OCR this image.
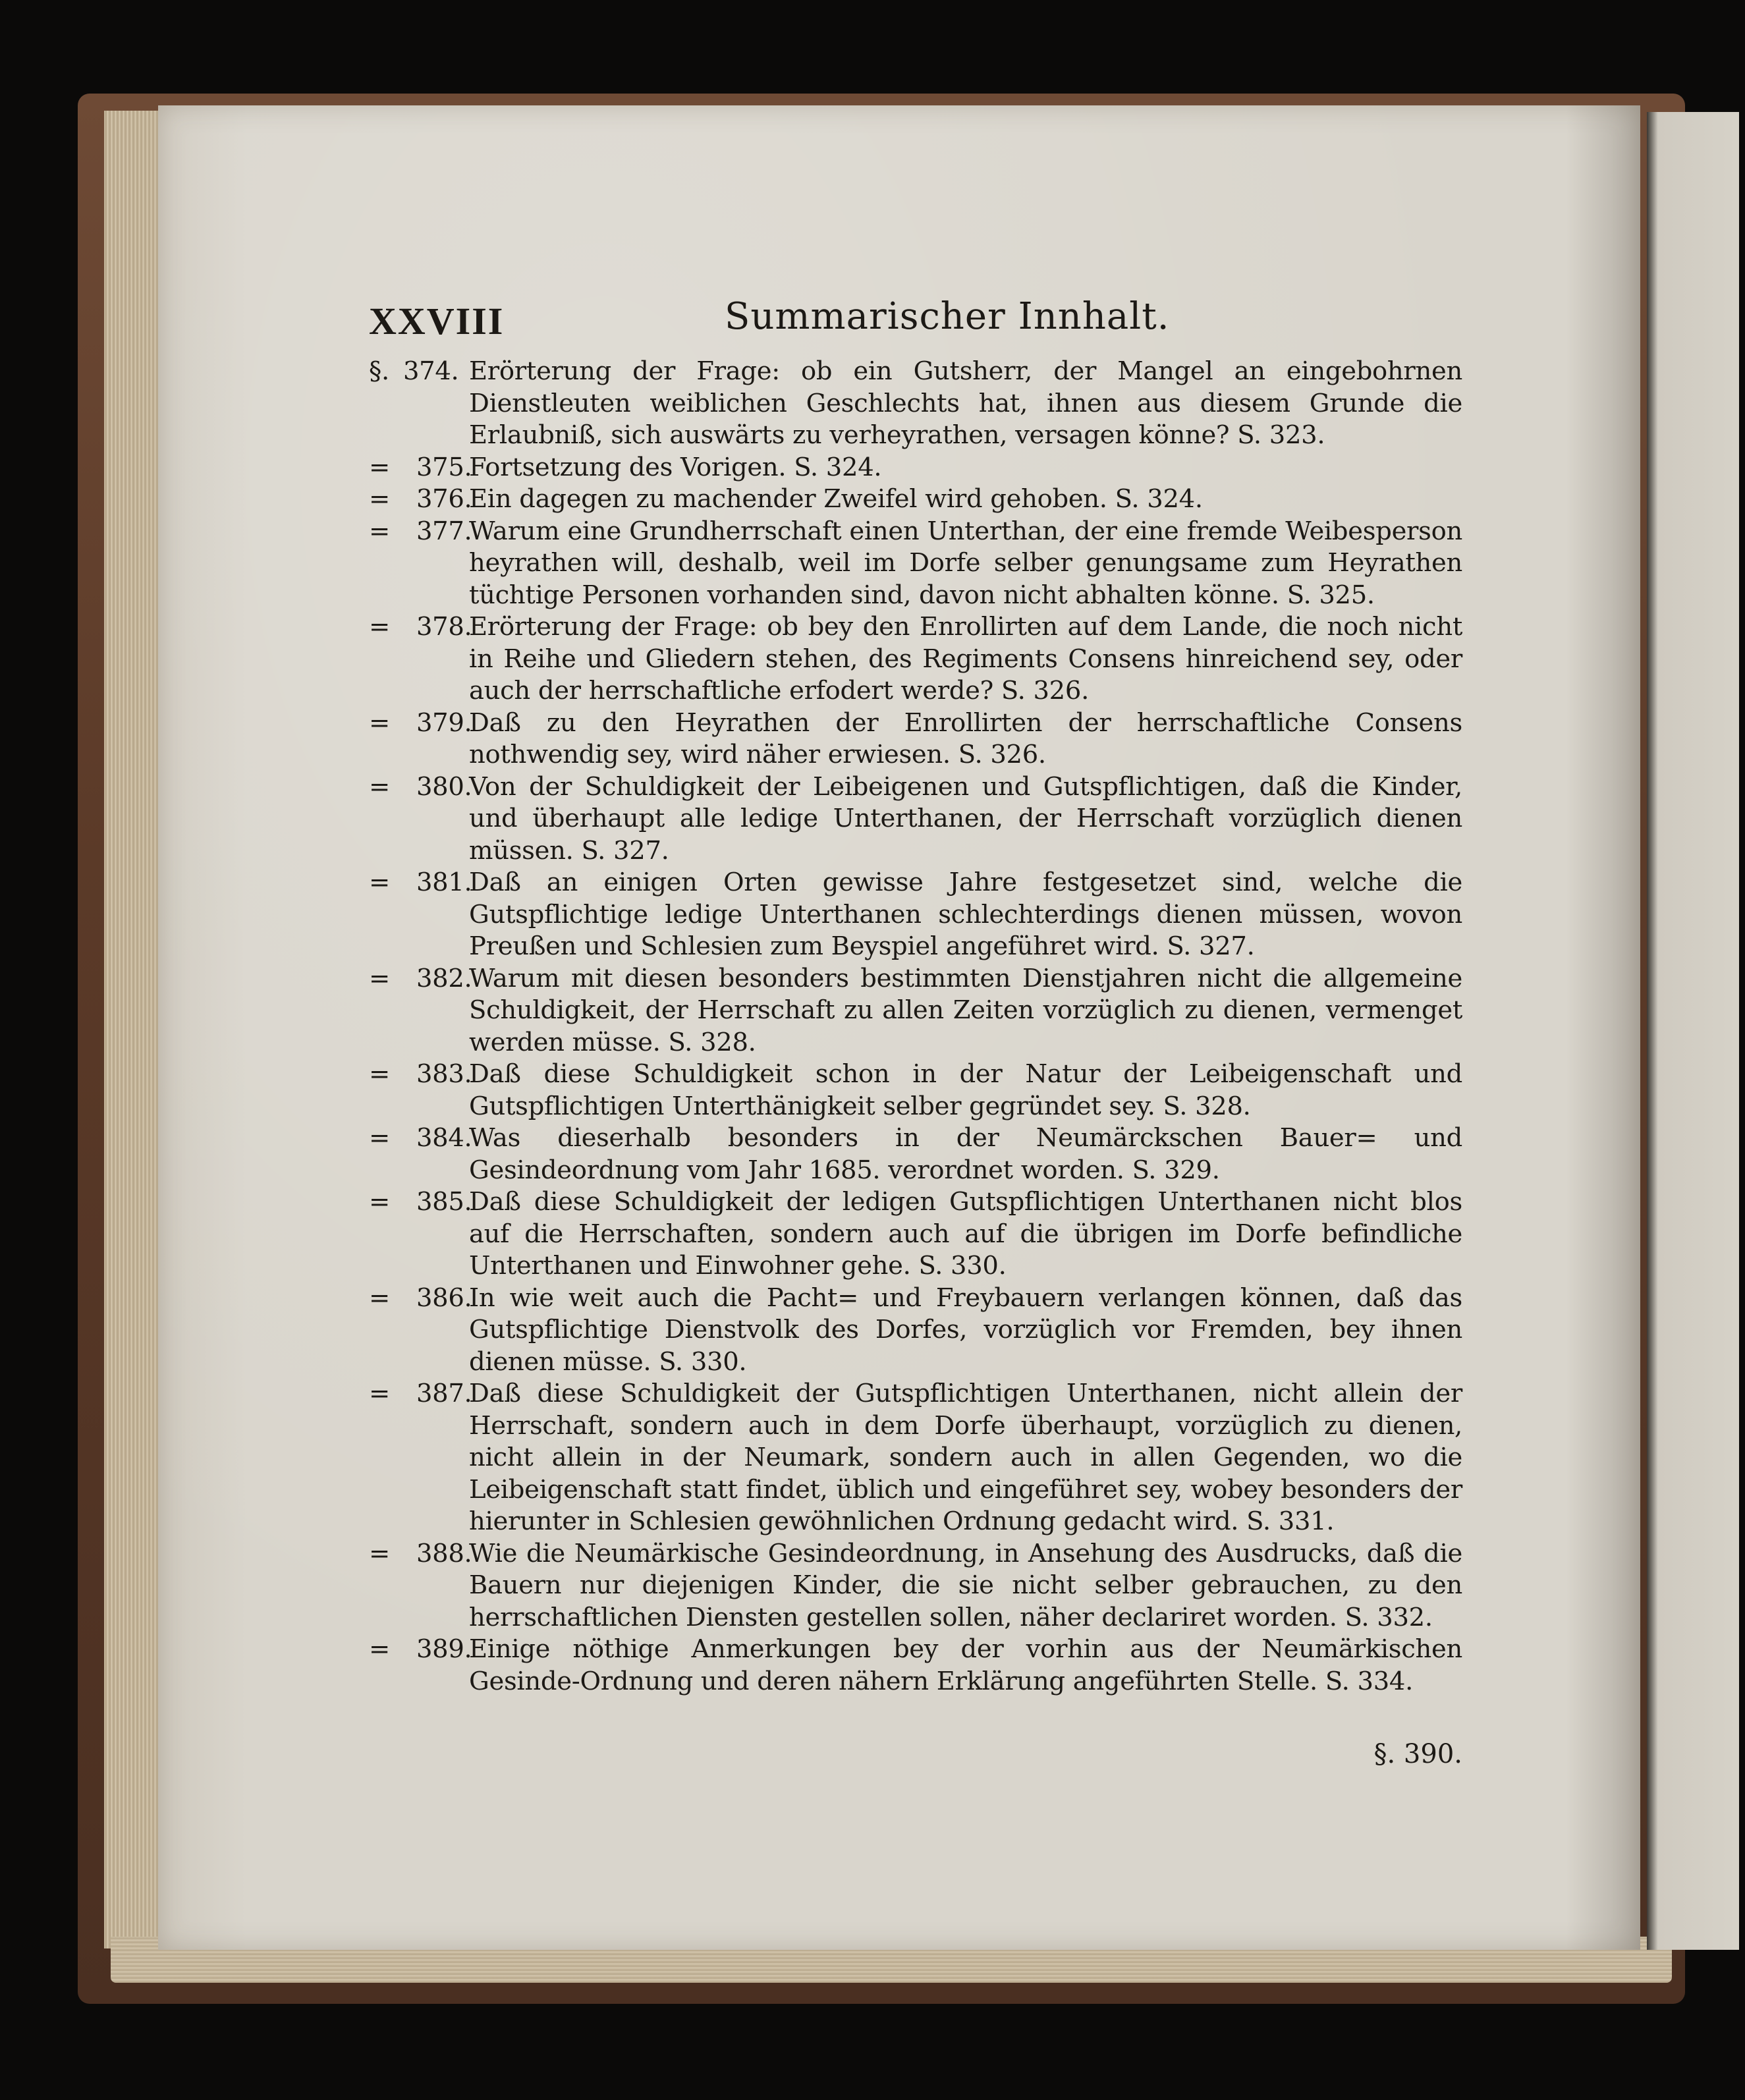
XXVIII	Summarischer Innhalt.
§. 374. Erörterung der Frage: ob ein Gutsherr, der Mangel an eingebohrnen Dienstleuten weiblichen Geschlechts hat, ihnen aus diesem Grunde die Erlaubniß, sich auswärts zu verheyrathen, versagen könne? S. 323.
= 375.
Fortsetzung des Vorigen. S. 324.
= 376.
Ein dagegen zu machender Zweifel wird gehoben. S. 324.
= 377.
Warum eine Grundherrschaft einen Unterthan, der eine fremde Weibesperson heyrathen will, deshalb, weil im Dorfe selber genungsame zum Heyrathen tüchtige Personen vorhanden sind, davon nicht abhalten könne. S. 325.
= 378.
Erörterung der Frage: ob bey den Enrollirten auf dem Lande, die noch nicht in Reihe und Gliedern stehen, des Regiments Consens hinreichend sey, oder auch der herrschaftliche erfodert werde? S. 326.
= 379.
Daß zu den Heyrathen der Enrollirten der herrschaftliche Consens nothwendig sey, wird näher erwiesen. S. 326.
= 380.
Von der Schuldigkeit der Leibeigenen und Gutspflichtigen, daß die Kinder, und überhaupt alle ledige Unterthanen, der Herrschaft vorzüglich dienen müssen. S. 327.
= 381.
Daß an einigen Orten gewisse Jahre festgesetzet sind, welche die Gutspflichtige ledige Unterthanen schlechterdings dienen müssen, wovon Preußen und Schlesien zum Beyspiel angeführet wird. S. 327.
= 382.
Warum mit diesen besonders bestimmten Dienstjahren nicht die allgemeine Schuldigkeit, der Herrschaft zu allen Zeiten vorzüglich zu dienen, vermenget werden müsse. S. 328.
= 383.
Daß diese Schuldigkeit schon in der Natur der Leibeigenschaft und Gutspflichtigen Unterthänigkeit selber gegründet sey. S. 328.
= 384.
Was dieserhalb besonders in der Neumärckschen Bauer= und Gesindeordnung vom Jahr 1685. verordnet worden. S. 329.
= 385.
Daß diese Schuldigkeit der ledigen Gutspflichtigen Unterthanen nicht blos auf die Herrschaften, sondern auch auf die übrigen im Dorfe befindliche Unterthanen und Einwohner gehe. S. 330.
= 386.
In wie weit auch die Pacht= und Freybauern verlangen können, daß das Gutspflichtige Dienstvolk des Dorfes, vorzüglich vor Fremden, bey ihnen dienen müsse. S. 330.
= 387.
Daß diese Schuldigkeit der Gutspflichtigen Unterthanen, nicht allein der Herrschaft, sondern auch in dem Dorfe überhaupt, vorzüglich zu dienen, nicht allein in der Neumark, sondern auch in allen Gegenden, wo die Leibeigenschaft statt findet, üblich und eingeführet sey, wobey besonders der hierunter in Schlesien gewöhnlichen Ordnung gedacht wird. S. 331.
= 388.
Wie die Neumärkische Gesindeordnung, in Ansehung des Ausdrucks, daß die Bauern nur diejenigen Kinder, die sie nicht selber gebrauchen, zu den herrschaftlichen Diensten gestellen sollen, näher declariret worden. S. 332.
= 389.
Einige nöthige Anmerkungen bey der vorhin aus der Neumärkischen Gesinde-Ordnung und deren nähern Erklärung angeführten Stelle. S. 334.
§. 390.
